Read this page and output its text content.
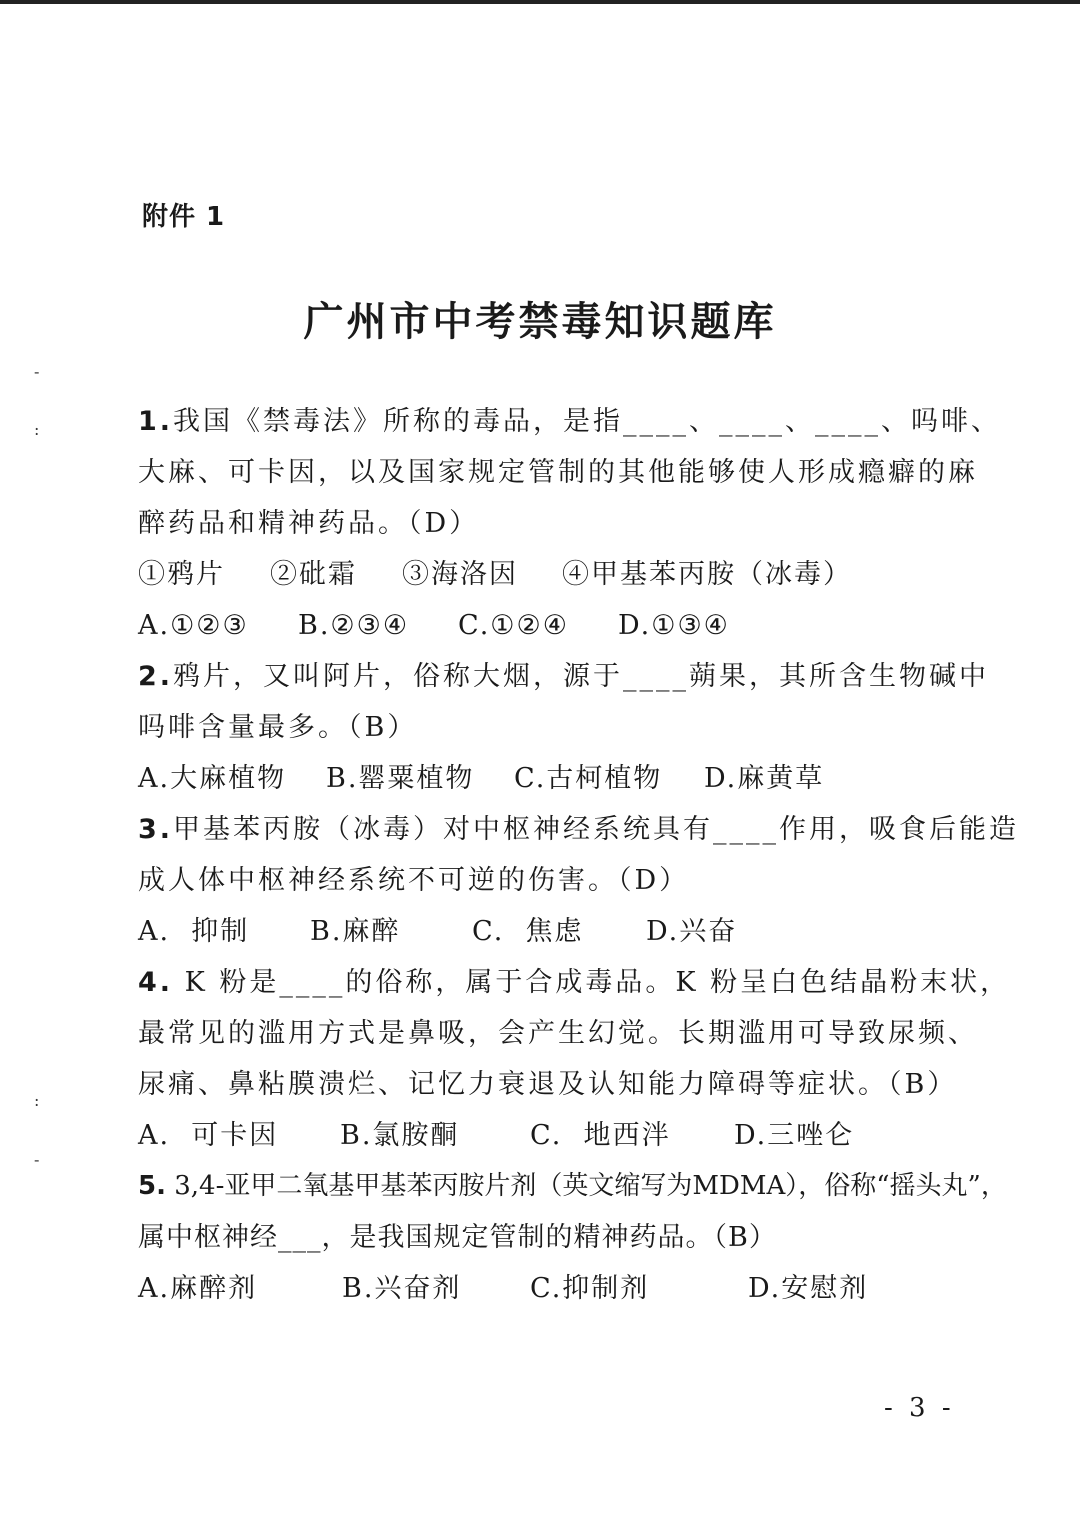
-
:
:
-
附件 1
广州市中考禁毒知识题库
1.我国《禁毒法》所称的毒品，是指____、____、____、吗啡、
大麻、可卡因，以及国家规定管制的其他能够使人形成瘾癖的麻
醉药品和精神药品。（D）
①鸦片 ②砒霜 ③海洛因 ④甲基苯丙胺（冰毒）
A.①②③ B.②③④ C.①②④ D.①③④
2.鸦片，又叫阿片，俗称大烟，源于____蒴果，其所含生物碱中
吗啡含量最多。（B）
A.大麻植物 B.罂粟植物 C.古柯植物 D.麻黄草
3.甲基苯丙胺（冰毒）对中枢神经系统具有____作用，吸食后能造
成人体中枢神经系统不可逆的伤害。（D）
A.  抑制 B.麻醉	C.  焦虑 D.兴奋
4. K 粉是____的俗称，属于合成毒品。K 粉呈白色结晶粉末状，
最常见的滥用方式是鼻吸，会产生幻觉。长期滥用可导致尿频、
尿痛、鼻粘膜溃烂、记忆力衰退及认知能力障碍等症状。（B）
A.  可卡因 B.氯胺酮	C.  地西泮 D.三唑仑
5. 3,4-亚甲二氧基甲基苯丙胺片剂（英文缩写为MDMA），俗称“摇头丸”，
属中枢神经___，是我国规定管制的精神药品。（B）
A.麻醉剂	B.兴奋剂	C.抑制剂	D.安慰剂
- 3 -
